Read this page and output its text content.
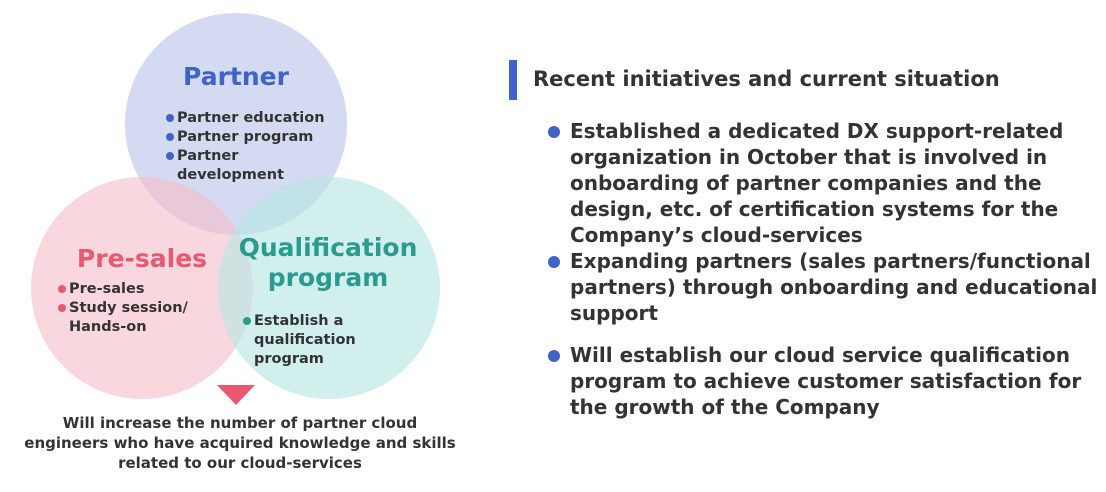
Partner
Partner education
Partner program
Partner development
Pre-sales
Pre-sales
Study session/ Hands-on
Qualification program
Establish a qualification program
Will increase the number of partner cloud engineers who have acquired knowledge and skills related to our cloud-services
Recent initiatives and current situation
Established a dedicated DX support-related organization in October that is involved in onboarding of partner companies and the design, etc. of certification systems for the Company’s cloud-services
Expanding partners (sales partners/functional partners) through onboarding and educational support
Will establish our cloud service qualification program to achieve customer satisfaction for the growth of the Company
